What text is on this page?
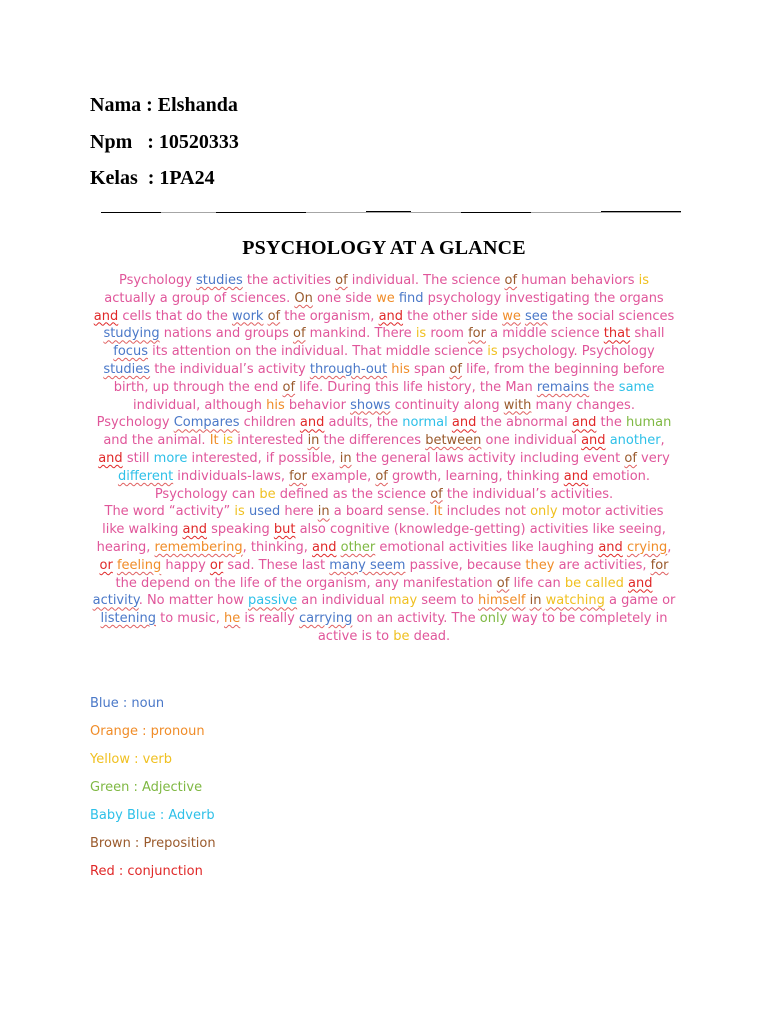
Nama : Elshanda
Npm   : 10520333
Kelas  : 1PA24
PSYCHOLOGY AT A GLANCE

Psychology studies the activities of individual. The science of human behaviors is actually a group of sciences. On one side we find psychology investigating the organs and cells that do the work of the organism, and the other side we see the social sciences studying nations and groups of mankind. There is room for a middle science that shall focus its attention on the individual. That middle science is psychology. Psychology studies the individual’s activity through-out his span of life, from the beginning before birth, up through the end of life. During this life history, the Man remains the same individual, although his behavior shows continuity along with many changes.

Psychology Compares children and adults, the normal and the abnormal and the human and the animal. It is interested in the differences between one individual and another, and still more interested, if possible, in the general laws activity including event of very different individuals-laws, for example, of growth, learning, thinking and emotion. Psychology can be defined as the science of the individual’s activities.

The word “activity” is used here in a board sense. It includes not only motor activities like walking and speaking but also cognitive (knowledge-getting) activities like seeing, hearing, remembering, thinking, and other emotional activities like laughing and crying, or feeling happy or sad. These last many seem passive, because they are activities, for the depend on the life of the organism, any manifestation of life can be called and activity. No matter how passive an individual may seem to himself in watching a game or listening to music, he is really carrying on an activity. The only way to be completely in active is to be dead.

Blue : noun
Orange : pronoun
Yellow : verb
Green : Adjective
Baby Blue : Adverb
Brown : Preposition
Red : conjunction
